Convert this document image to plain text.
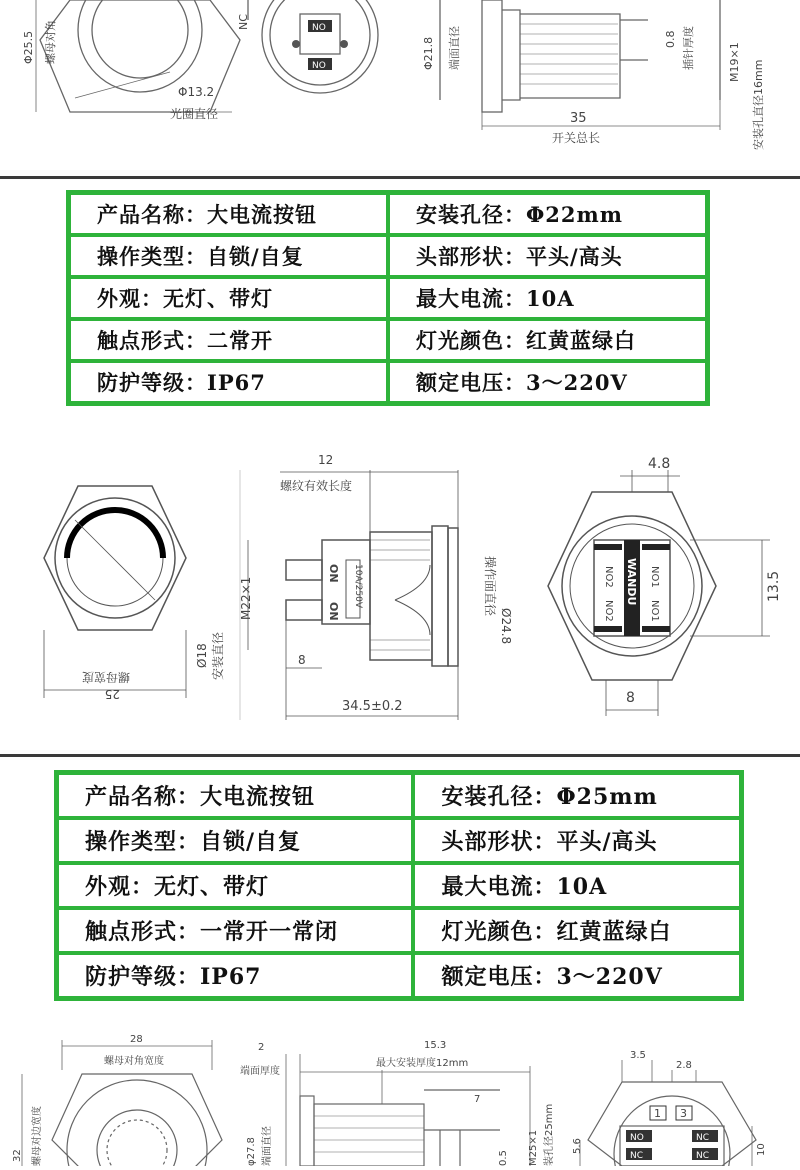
Φ25.5 螺母对角
Φ13.2
光圈直径
NC	NO
NO	Φ21.8 端面直径	0.8 插针厚度	M19×1 安装孔直径16mm
35
开关总长
产品名称：大电流按钮	安装孔径：Φ22mm
操作类型：自锁/自复	头部形状：平头/高头
外观：无灯、带灯	最大电流：10A
触点形式：二常开	灯光颜色：红黄蓝绿白
防护等级：IP67	额定电压：3～220V
螺母宽度
25
Ø18 安装直径
10A/250V
ON
ON
12
螺纹有效长度
M22×1
8
34.5±0.2
Ø24.8
操作面直径	WANDU
NO2
NO2
NO1
NO1
4.8
13.5
8
产品名称：大电流按钮	安装孔径：Φ25mm
操作类型：自锁/自复	头部形状：平头/高头
外观：无灯、带灯	最大电流：10A
触点形式：一常开一常闭	灯光颜色：红黄蓝绿白
防护等级：IP67	额定电压：3～220V
28
螺母对角宽度
32 螺母对边宽度
2
端面厚度
15.3
最大安装厚度12mm
7
φ27.8 端面直径	0.5 M25×1 装孔径25mm
3.5
2.8
5.6	10
1 3
NO	NC
NC	NC
